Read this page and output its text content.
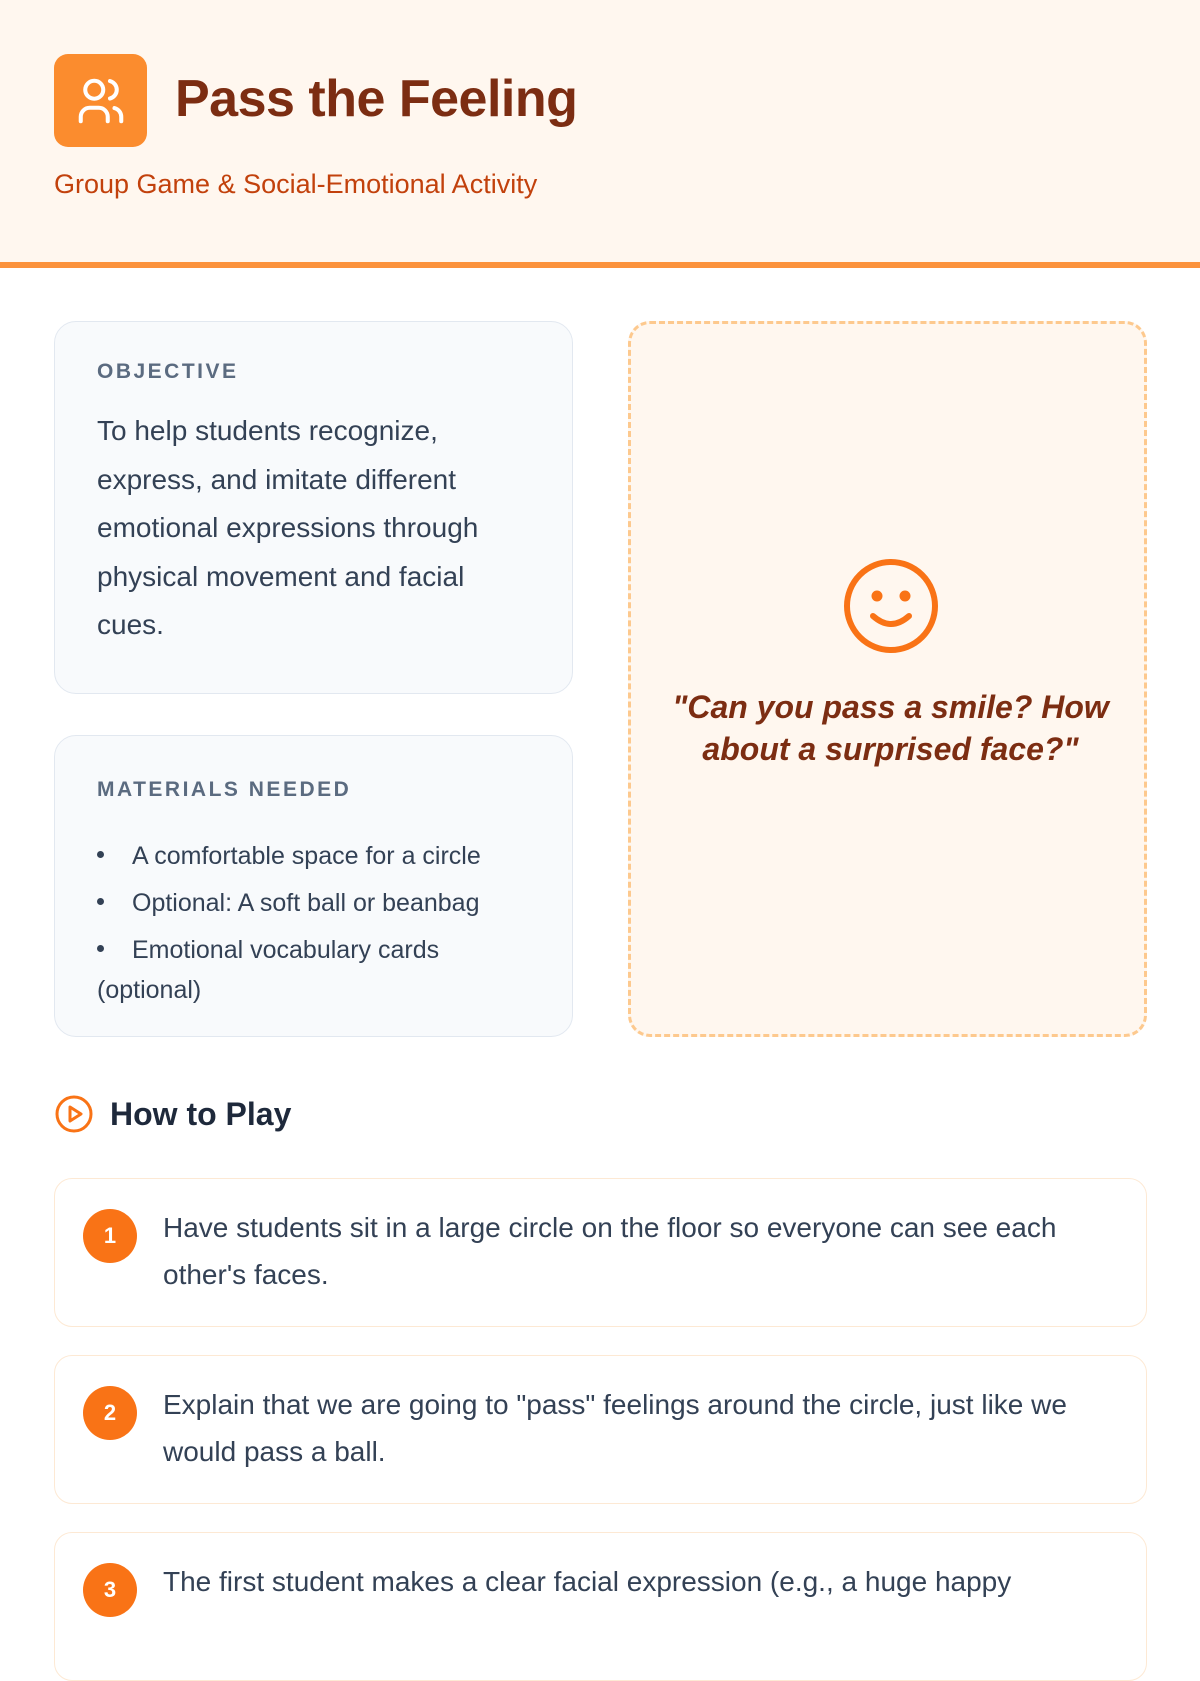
Pass the Feeling
Group Game & Social-Emotional Activity
OBJECTIVE

To help students recognize, express, and imitate different emotional expressions through physical movement and facial cues.

MATERIALS NEEDED
A comfortable space for a circle
Optional: A soft ball or beanbag
Emotional vocabulary cards (optional)

"Can you pass a smile? How about a surprised face?"

How to Play
1	Have students sit in a large circle on the floor so everyone can see each other's faces.

2	Explain that we are going to "pass" feelings around the circle, just like we would pass a ball.

3	The first student makes a clear facial expression (e.g., a huge happy
